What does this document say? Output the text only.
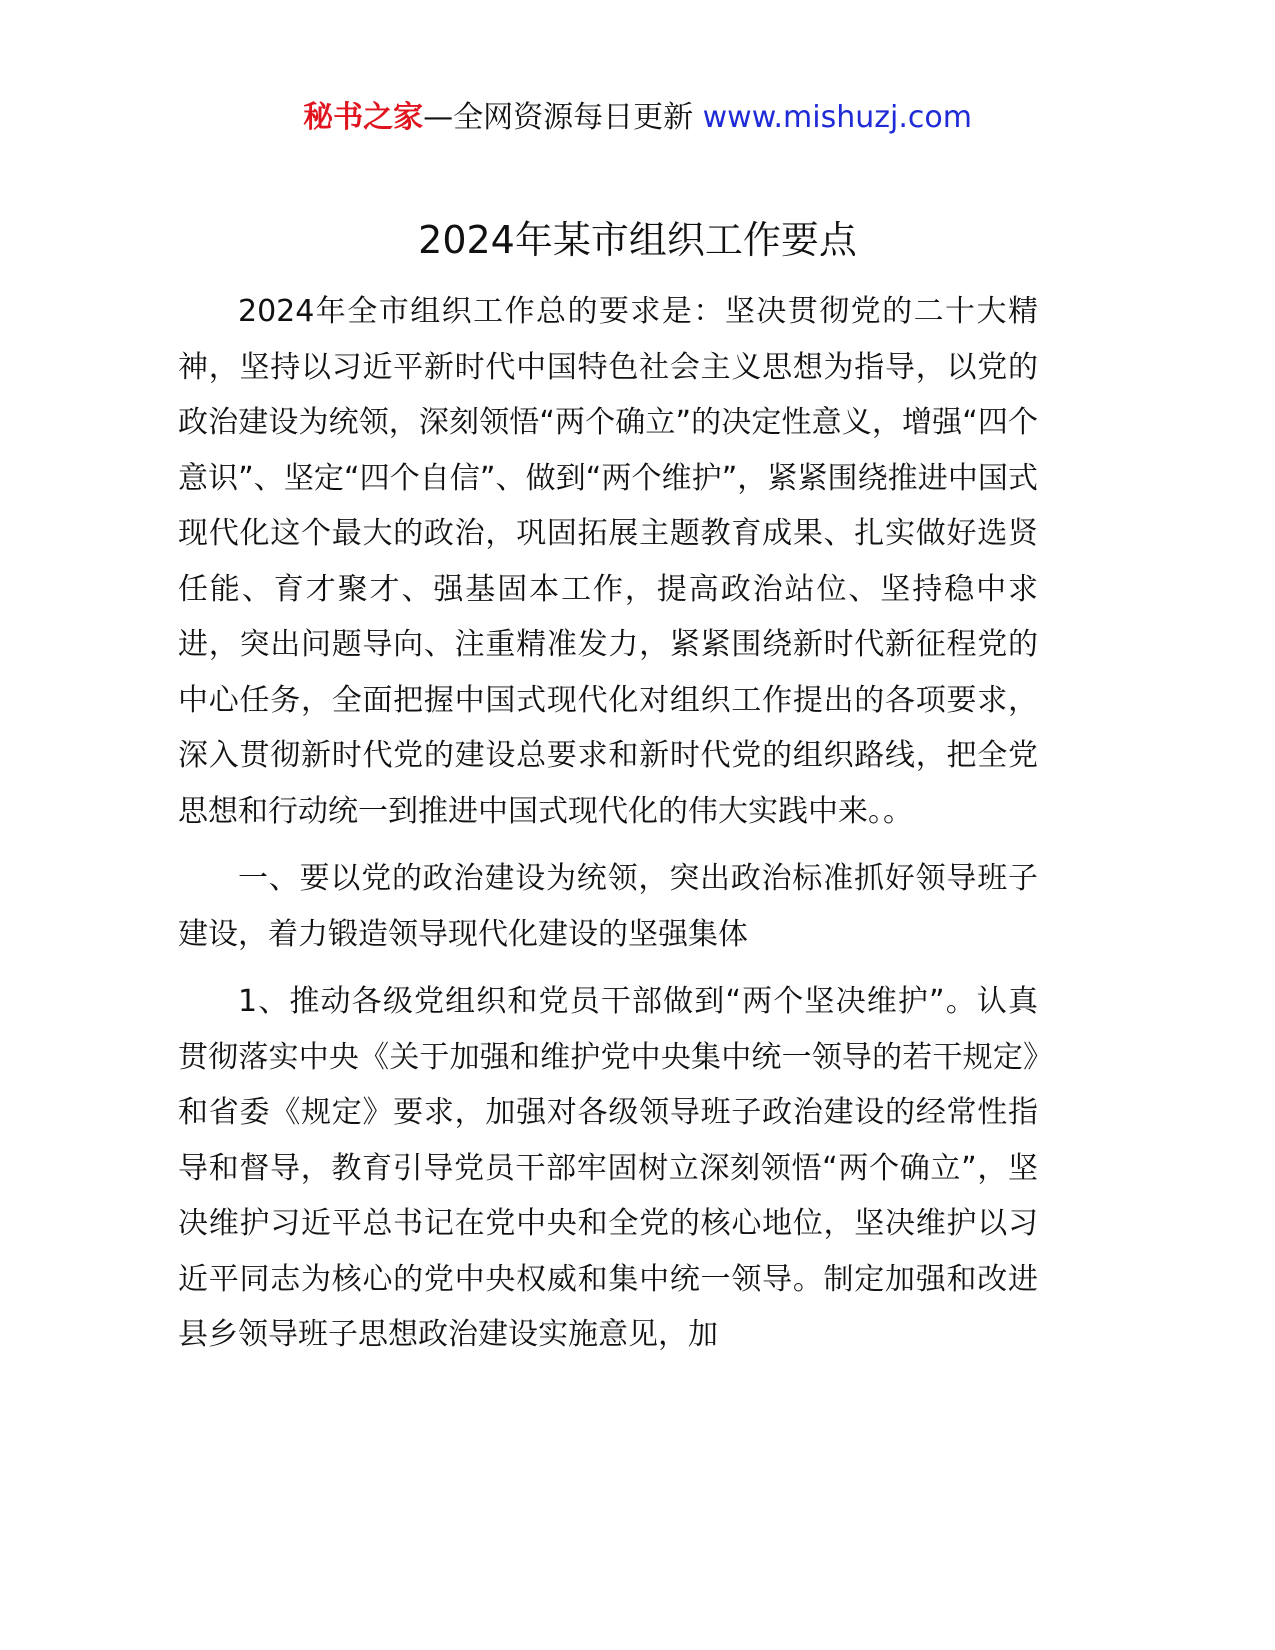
秘书之家—全网资源每日更新 www.mishuzj.com
2024年某市组织工作要点

2024年全市组织工作总的要求是：坚决贯彻党的二十大精神，坚持以习近平新时代中国特色社会主义思想为指导，以党的政治建设为统领，深刻领悟“两个确立”的决定性意义，增强“四个意识”、坚定“四个自信”、做到“两个维护”，紧紧围绕推进中国式现代化这个最大的政治，巩固拓展主题教育成果、扎实做好选贤任能、育才聚才、强基固本工作，提高政治站位、坚持稳中求进，突出问题导向、注重精准发力，紧紧围绕新时代新征程党的中心任务，全面把握中国式现代化对组织工作提出的各项要求，深入贯彻新时代党的建设总要求和新时代党的组织路线，把全党思想和行动统一到推进中国式现代化的伟大实践中来。。

一、要以党的政治建设为统领，突出政治标准抓好领导班子建设，着力锻造领导现代化建设的坚强集体

1、推动各级党组织和党员干部做到“两个坚决维护”。认真贯彻落实中央《关于加强和维护党中央集中统一领导的若干规定》和省委《规定》要求，加强对各级领导班子政治建设的经常性指导和督导，教育引导党员干部牢固树立深刻领悟“两个确立”，坚决维护习近平总书记在党中央和全党的核心地位，坚决维护以习近平同志为核心的党中央权威和集中统一领导。制定加强和改进县乡领导班子思想政治建设实施意见，加
